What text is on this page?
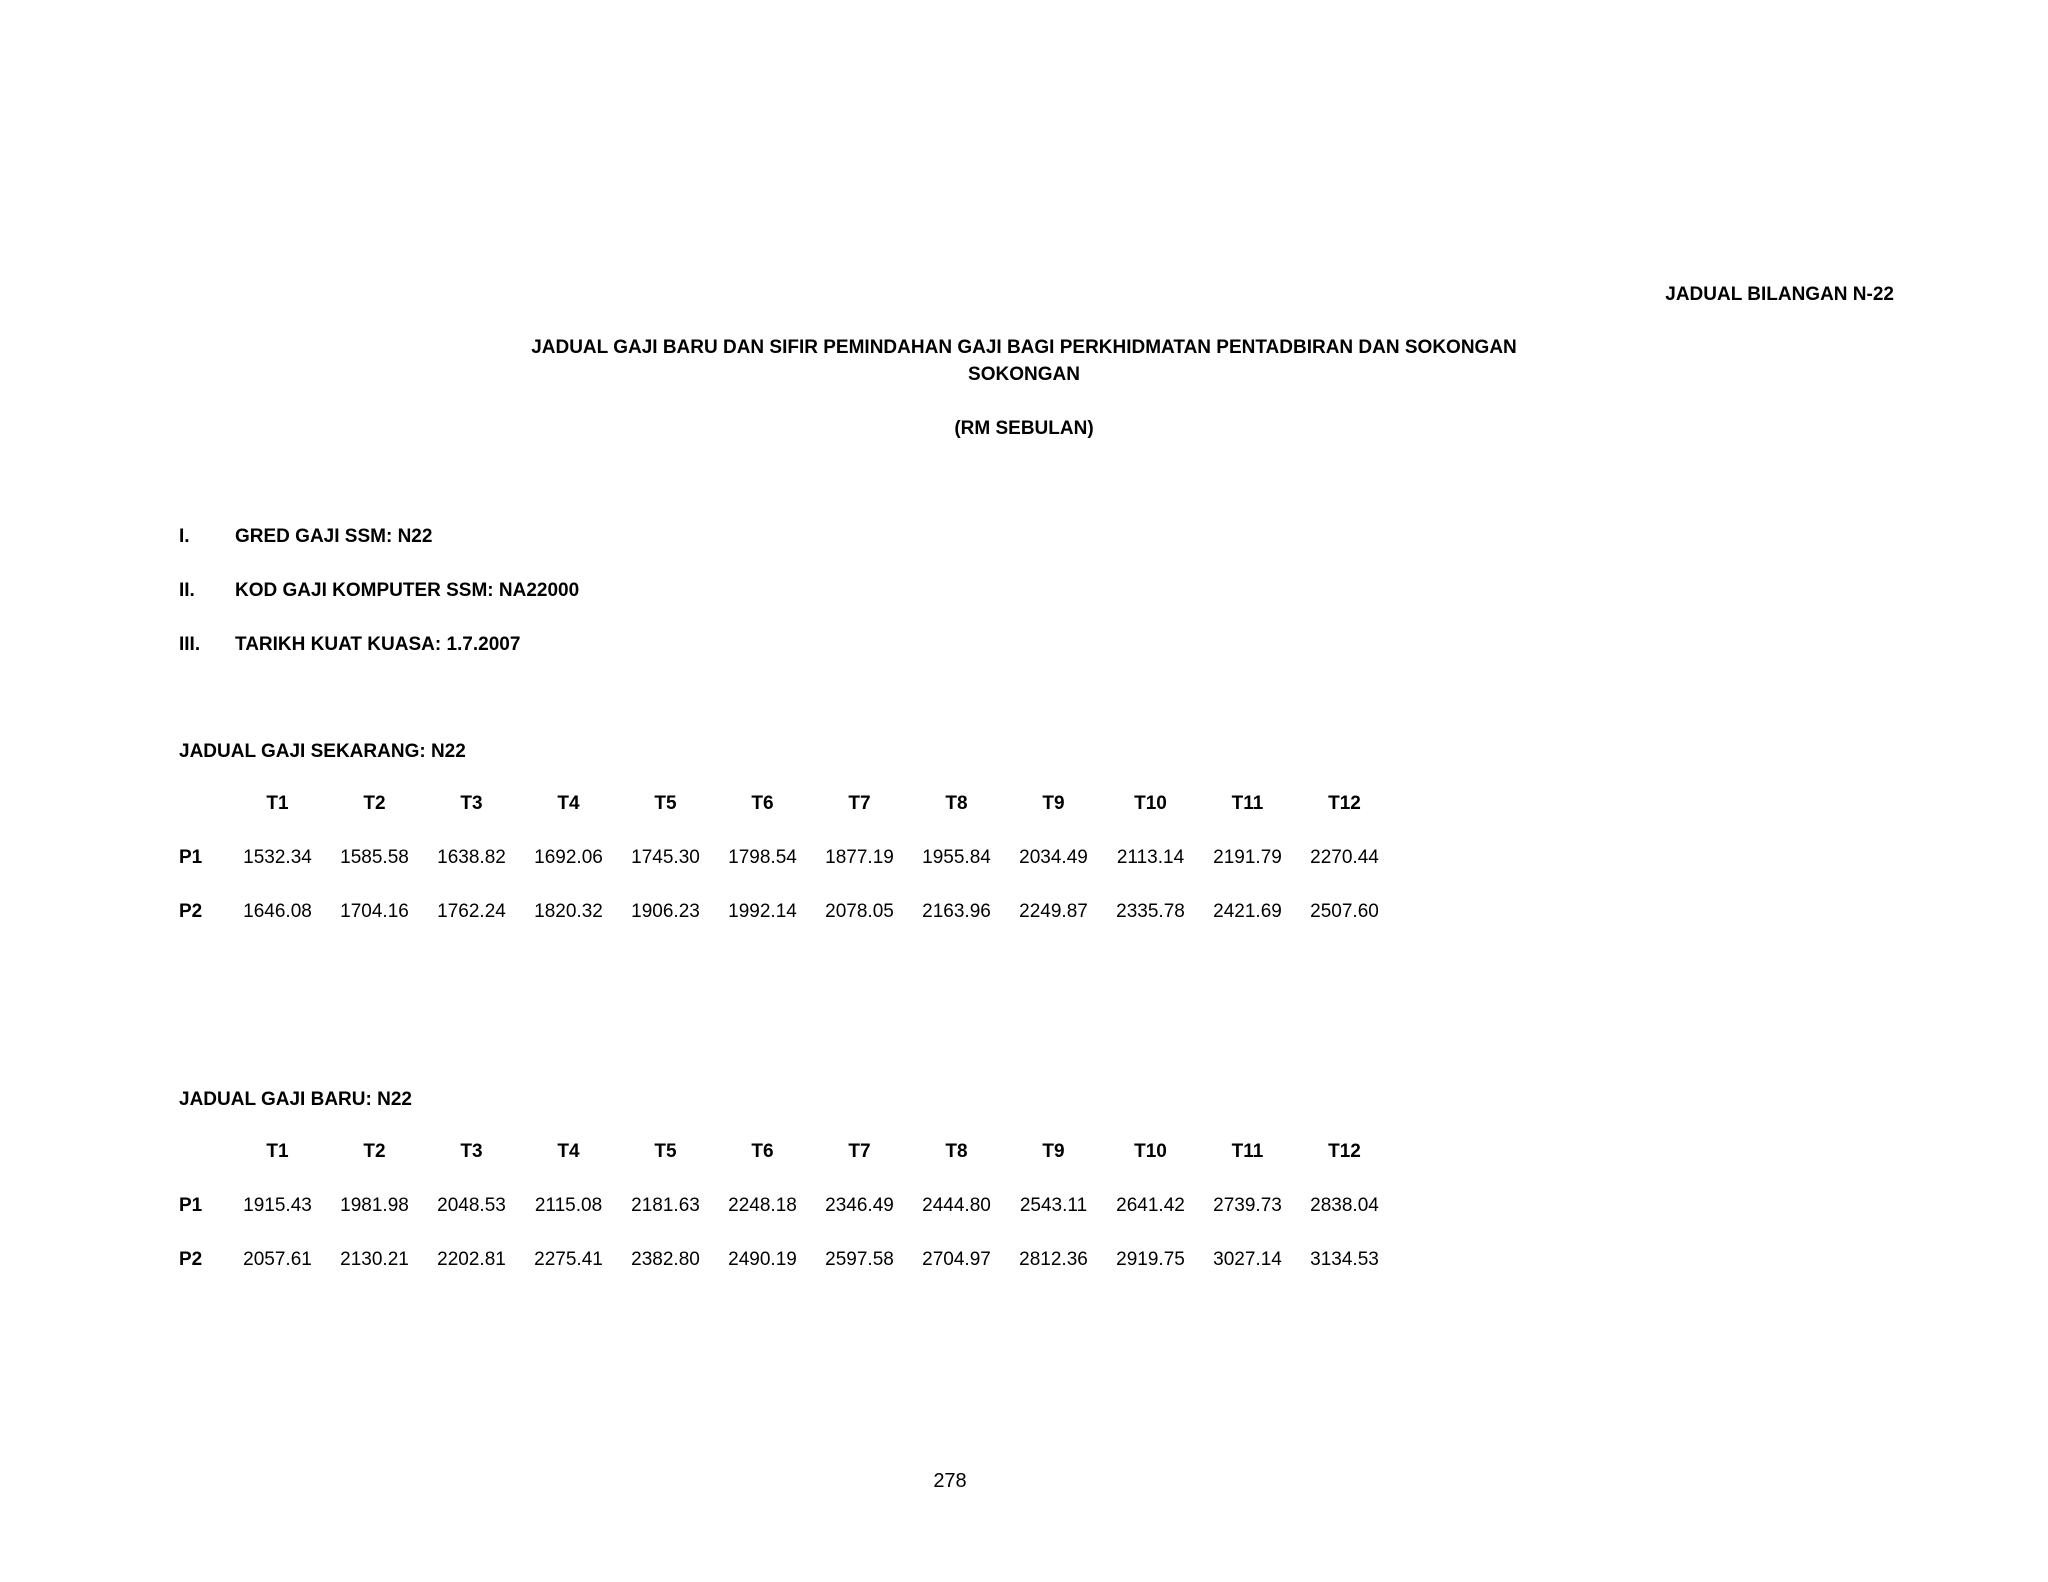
JADUAL BILANGAN N-22
JADUAL GAJI BARU DAN SIFIR PEMINDAHAN GAJI BAGI PERKHIDMATAN PENTADBIRAN DAN SOKONGAN
SOKONGAN
(RM SEBULAN)
I. GRED GAJI SSM: N22
II. KOD GAJI KOMPUTER SSM: NA22000
III. TARIKH KUAT KUASA: 1.7.2007
JADUAL GAJI SEKARANG: N22
	T1	T2	T3	T4	T5	T6	T7	T8	T9	T10	T11	T12
P1	1532.34	1585.58	1638.82	1692.06	1745.30	1798.54	1877.19	1955.84	2034.49	2113.14	2191.79	2270.44
P2	1646.08	1704.16	1762.24	1820.32	1906.23	1992.14	2078.05	2163.96	2249.87	2335.78	2421.69	2507.60
JADUAL GAJI BARU: N22
	T1	T2	T3	T4	T5	T6	T7	T8	T9	T10	T11	T12
P1	1915.43	1981.98	2048.53	2115.08	2181.63	2248.18	2346.49	2444.80	2543.11	2641.42	2739.73	2838.04
P2	2057.61	2130.21	2202.81	2275.41	2382.80	2490.19	2597.58	2704.97	2812.36	2919.75	3027.14	3134.53
278
